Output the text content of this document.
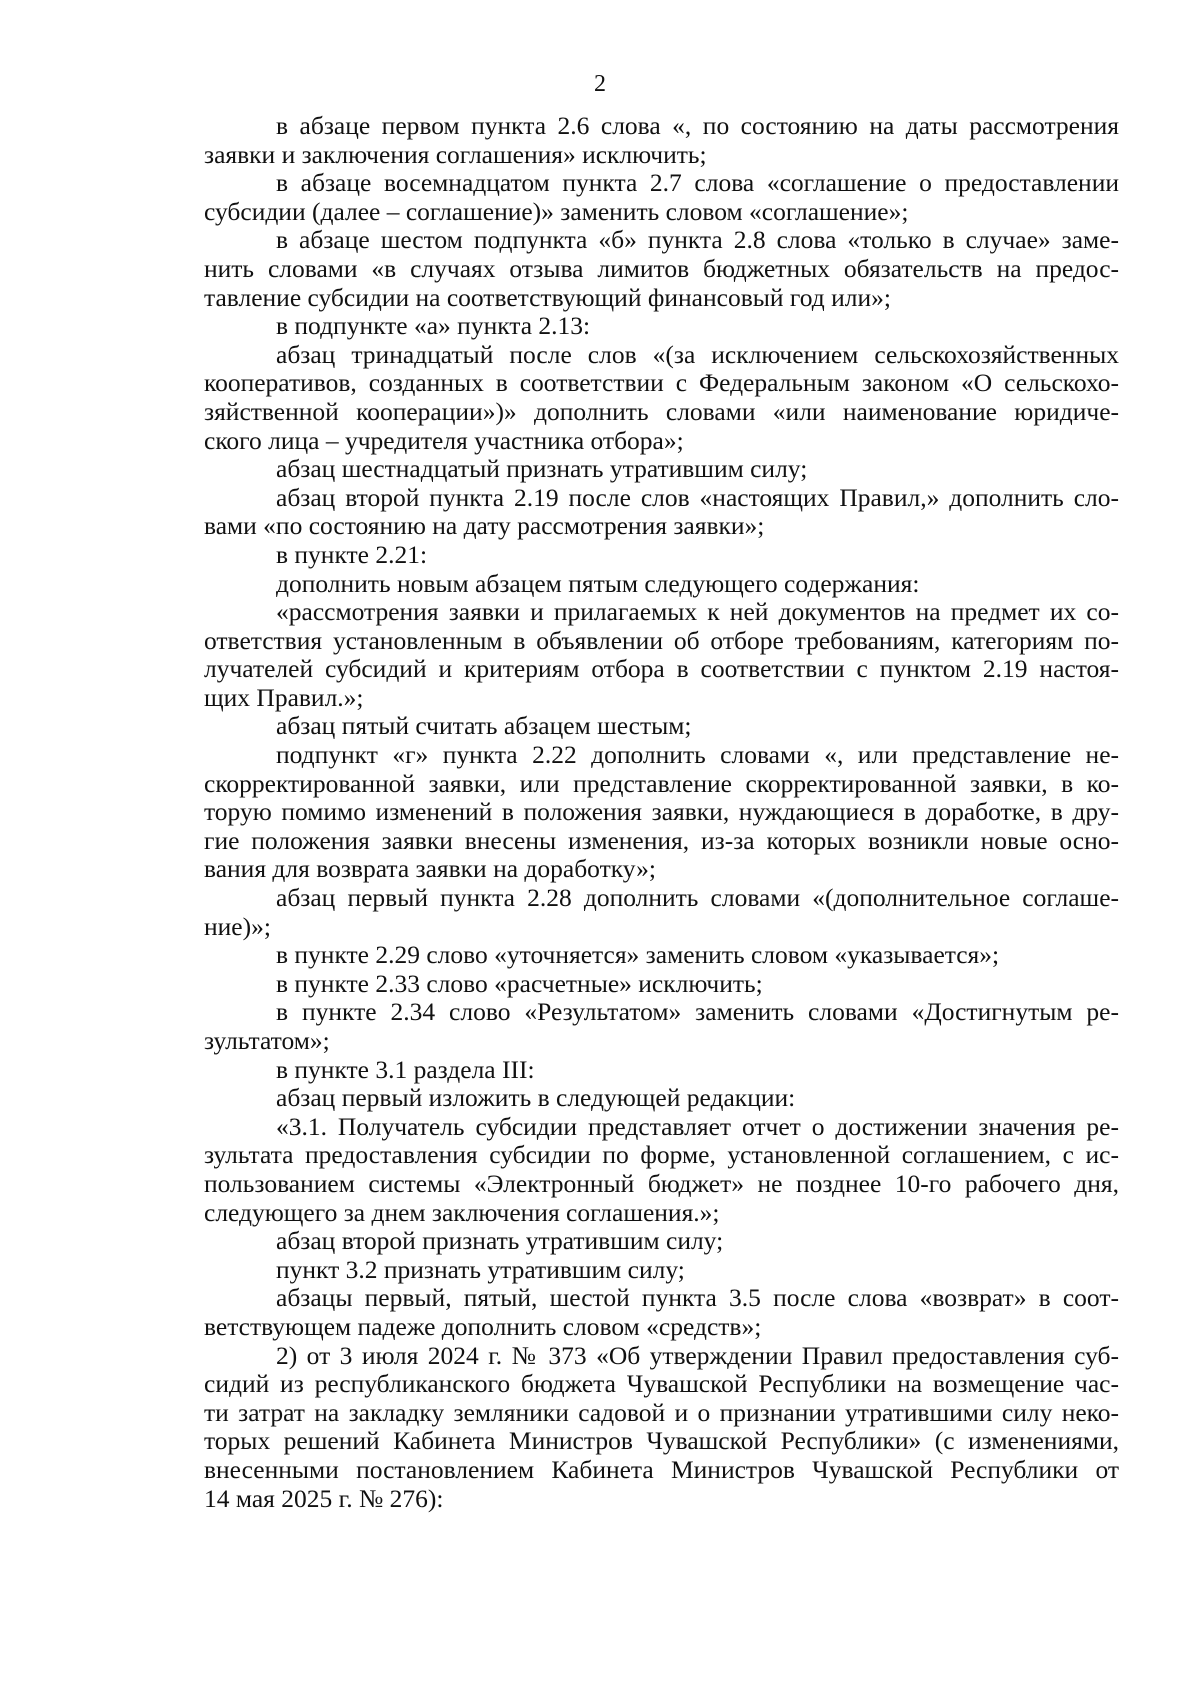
2
в абзаце первом пункта 2.6 слова «, по состоянию на даты рассмотрения
заявки и заключения соглашения» исключить;
в абзаце восемнадцатом пункта 2.7 слова «соглашение о предоставлении
субсидии (далее – соглашение)» заменить словом «соглашение»;
в абзаце шестом подпункта «б» пункта 2.8 слова «только в случае» заме-
нить словами «в случаях отзыва лимитов бюджетных обязательств на предос-
тавление субсидии на соответствующий финансовый год или»;
в подпункте «а» пункта 2.13:
абзац тринадцатый после слов «(за исключением сельскохозяйственных
кооперативов, созданных в соответствии с Федеральным законом «О сельскохо-
зяйственной кооперации»)» дополнить словами «или наименование юридиче-
ского лица – учредителя участника отбора»;
абзац шестнадцатый признать утратившим силу;
абзац второй пункта 2.19 после слов «настоящих Правил,» дополнить сло-
вами «по состоянию на дату рассмотрения заявки»;
в пункте 2.21:
дополнить новым абзацем пятым следующего содержания:
«рассмотрения заявки и прилагаемых к ней документов на предмет их со-
ответствия установленным в объявлении об отборе требованиям, категориям по-
лучателей субсидий и критериям отбора в соответствии с пунктом 2.19 настоя-
щих Правил.»;
абзац пятый считать абзацем шестым;
подпункт «г» пункта 2.22 дополнить словами «, или представление не-
скорректированной заявки, или представление скорректированной заявки, в ко-
торую помимо изменений в положения заявки, нуждающиеся в доработке, в дру-
гие положения заявки внесены изменения, из-за которых возникли новые осно-
вания для возврата заявки на доработку»;
абзац первый пункта 2.28 дополнить словами «(дополнительное соглаше-
ние)»;
в пункте 2.29 слово «уточняется» заменить словом «указывается»;
в пункте 2.33 слово «расчетные» исключить;
в пункте 2.34 слово «Результатом» заменить словами «Достигнутым ре-
зультатом»;
в пункте 3.1 раздела III:
абзац первый изложить в следующей редакции:
«3.1. Получатель субсидии представляет отчет о достижении значения ре-
зультата предоставления субсидии по форме, установленной соглашением, с ис-
пользованием системы «Электронный бюджет» не позднее 10-го рабочего дня,
следующего за днем заключения соглашения.»;
абзац второй признать утратившим силу;
пункт 3.2 признать утратившим силу;
абзацы первый, пятый, шестой пункта 3.5 после слова «возврат» в соот-
ветствующем падеже дополнить словом «средств»;
2) от 3 июля 2024 г. № 373 «Об утверждении Правил предоставления суб-
сидий из республиканского бюджета Чувашской Республики на возмещение час-
ти затрат на закладку земляники садовой и о признании утратившими силу неко-
торых решений Кабинета Министров Чувашской Республики» (с изменениями,
внесенными постановлением Кабинета Министров Чувашской Республики от
14 мая 2025 г. № 276):
